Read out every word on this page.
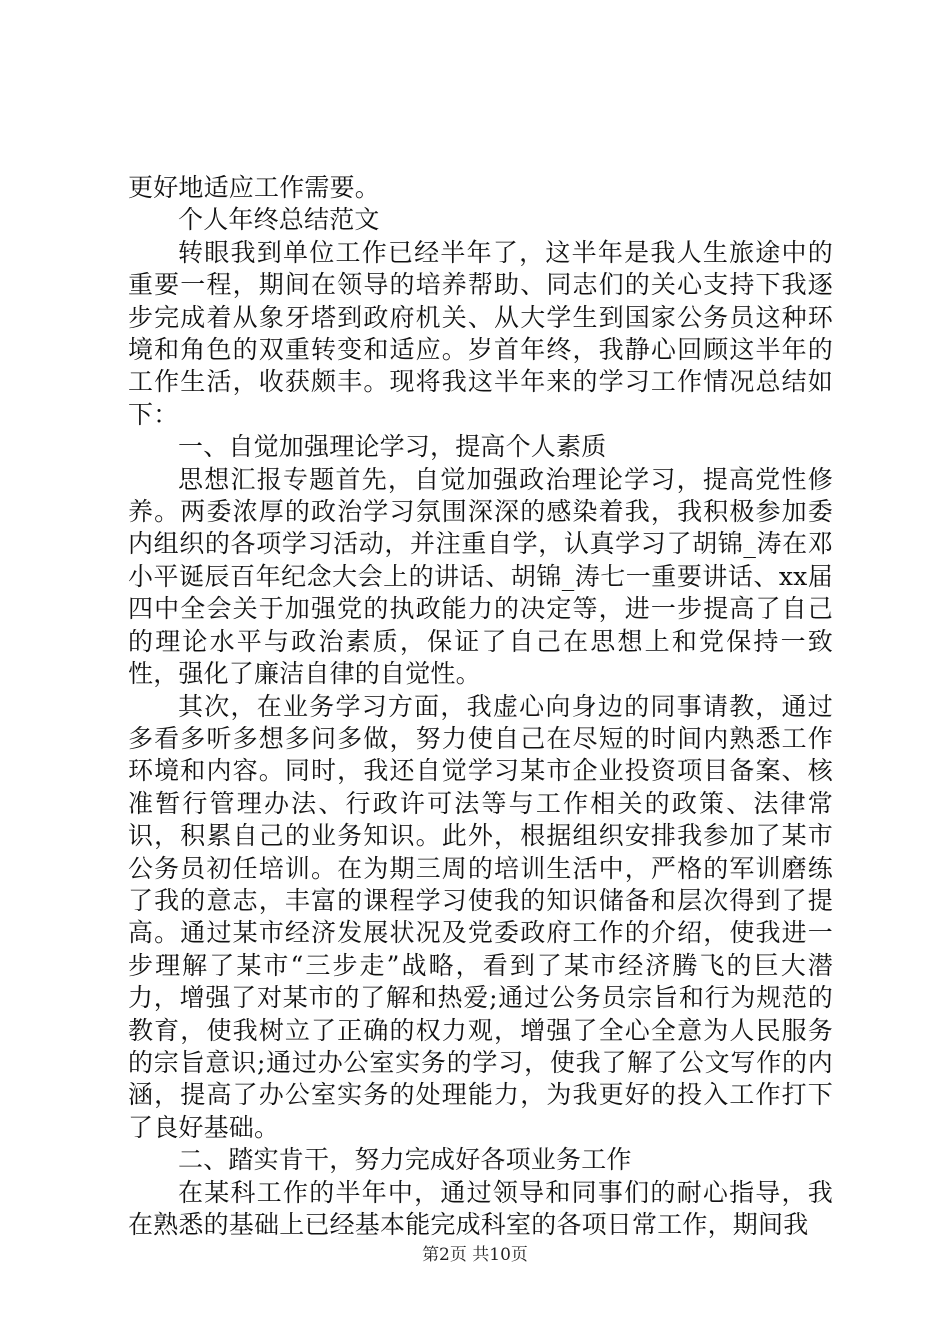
更好地适应工作需要。

个人年终总结范文

转眼我到单位工作已经半年了，这半年是我人生旅途中的重要一程，期间在领导的培养帮助、同志们的关心支持下我逐步完成着从象牙塔到政府机关、从大学生到国家公务员这种环境和角色的双重转变和适应。岁首年终，我静心回顾这半年的工作生活，收获颇丰。现将我这半年来的学习工作情况总结如下：

一、自觉加强理论学习，提高个人素质

思想汇报专题首先，自觉加强政治理论学习，提高党性修养。两委浓厚的政治学习氛围深深的感染着我，我积极参加委内组织的各项学习活动，并注重自学，认真学习了胡锦_涛在邓小平诞辰百年纪念大会上的讲话、胡锦_涛七一重要讲话、xx届四中全会关于加强党的执政能力的决定等，进一步提高了自己的理论水平与政治素质，保证了自己在思想上和党保持一致性，强化了廉洁自律的自觉性。

其次，在业务学习方面，我虚心向身边的同事请教，通过多看多听多想多问多做，努力使自己在尽短的时间内熟悉工作环境和内容。同时，我还自觉学习某市企业投资项目备案、核准暂行管理办法、行政许可法等与工作相关的政策、法律常识，积累自己的业务知识。此外，根据组织安排我参加了某市公务员初任培训。在为期三周的培训生活中，严格的军训磨练了我的意志，丰富的课程学习使我的知识储备和层次得到了提高。通过某市经济发展状况及党委政府工作的介绍，使我进一步理解了某市“三步走”战略，看到了某市经济腾飞的巨大潜力，增强了对某市的了解和热爱;通过公务员宗旨和行为规范的教育，使我树立了正确的权力观，增强了全心全意为人民服务的宗旨意识;通过办公室实务的学习，使我了解了公文写作的内涵，提高了办公室实务的处理能力，为我更好的投入工作打下了良好基础。

二、踏实肯干，努力完成好各项业务工作

在某科工作的半年中，通过领导和同事们的耐心指导，我在熟悉的基础上已经基本能完成科室的各项日常工作，期间我

第2页 共10页
